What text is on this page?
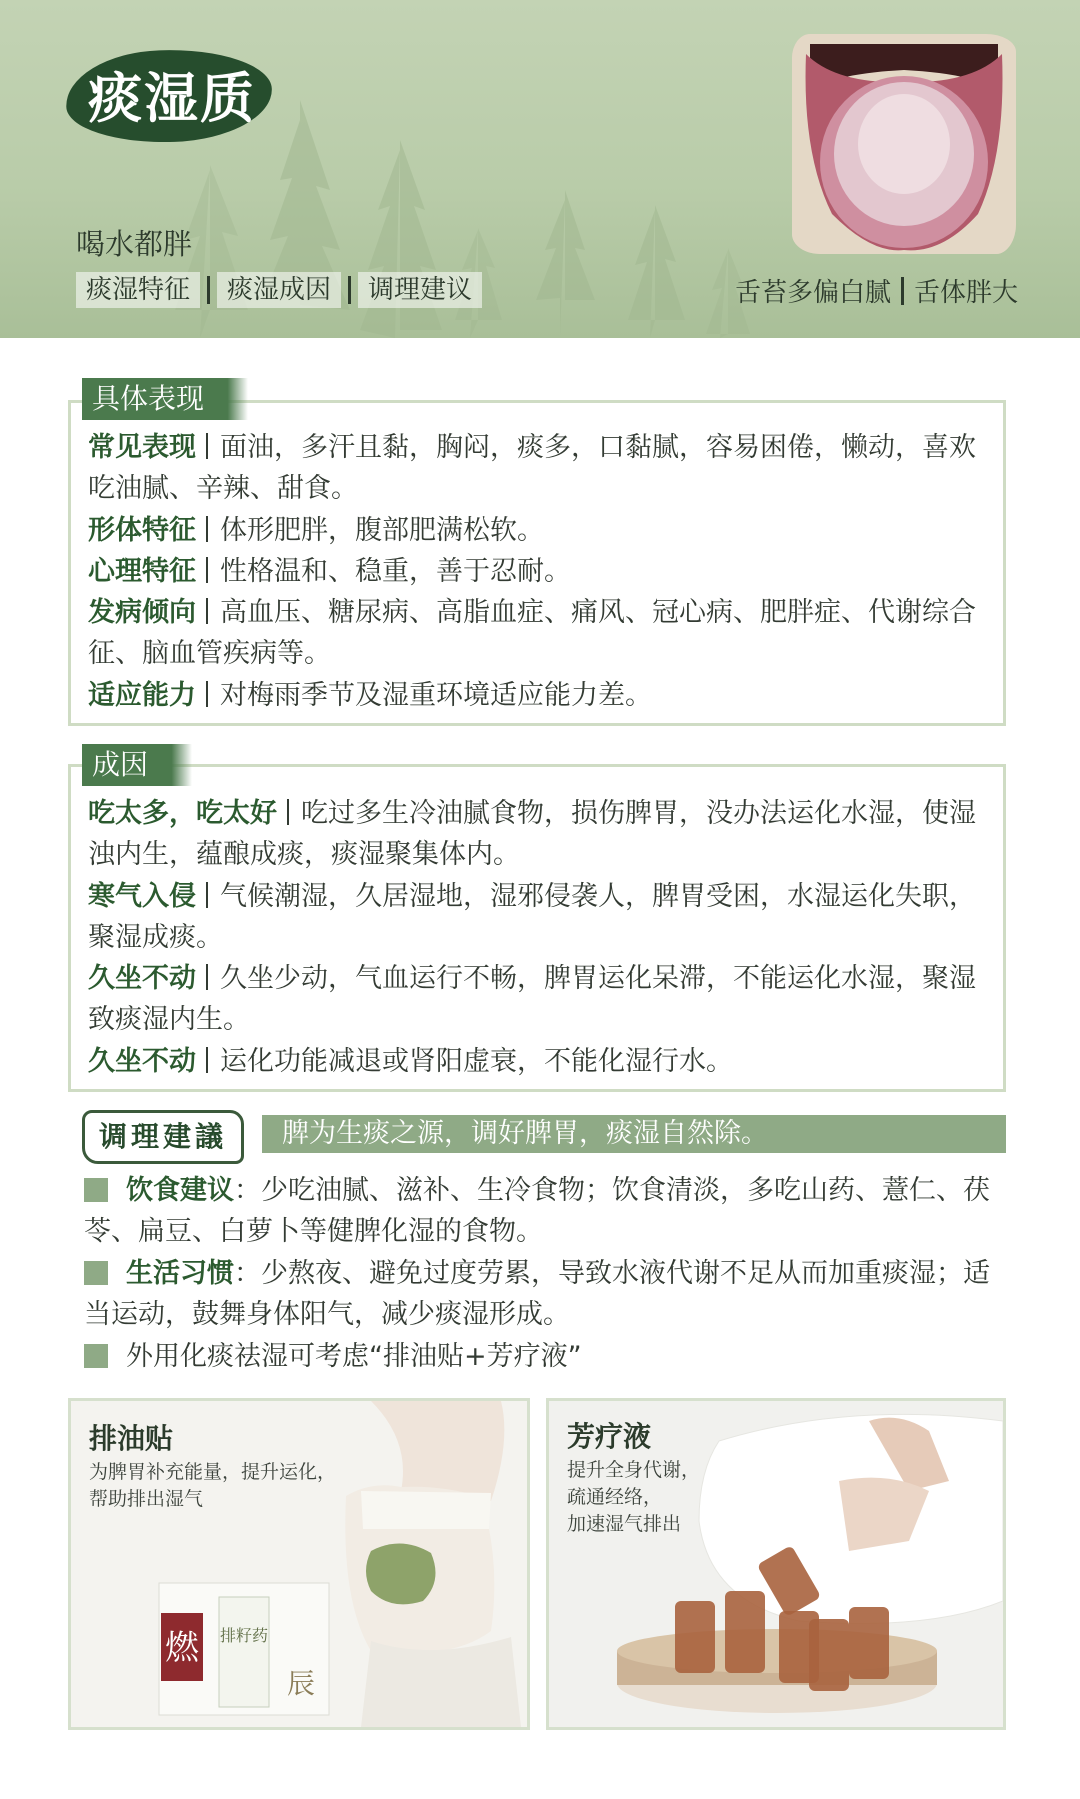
痰湿质
喝水都胖
痰湿特征	痰湿成因	调理建议	舌苔多偏白腻 舌体胖大
具体表现
常见表现 面油，多汗且黏，胸闷，痰多，口黏腻，容易困倦，懒动，喜欢吃油腻、辛辣、甜食。
形体特征 体形肥胖，腹部肥满松软。
心理特征 性格温和、稳重，善于忍耐。
发病倾向 高血压、糖尿病、高脂血症、痛风、冠心病、肥胖症、代谢综合征、脑血管疾病等。
适应能力 对梅雨季节及湿重环境适应能力差。
成因
吃太多，吃太好 吃过多生冷油腻食物，损伤脾胃，没办法运化水湿，使湿浊内生，蕴酿成痰，痰湿聚集体内。
寒气入侵 气候潮湿，久居湿地，湿邪侵袭人，脾胃受困，水湿运化失职，聚湿成痰。
久坐不动 久坐少动，气血运行不畅，脾胃运化呆滞，不能运化水湿，聚湿致痰湿内生。
久坐不动 运化功能减退或肾阳虚衰，不能化湿行水。
调理建議	脾为生痰之源，调好脾胃，痰湿自然除。
饮食建议：少吃油腻、滋补、生冷食物；饮食清淡，多吃山药、薏仁、茯苓、扁豆、白萝卜等健脾化湿的食物。
生活习惯：少熬夜、避免过度劳累，导致水液代谢不足从而加重痰湿；适当运动，鼓舞身体阳气，减少痰湿形成。
外用化痰祛湿可考虑“排油贴+芳疗液”
燃 排籽药
辰
排油贴
为脾胃补充能量，提升运化，
帮助排出湿气
芳疗液
提升全身代谢，
疏通经络，
加速湿气排出
